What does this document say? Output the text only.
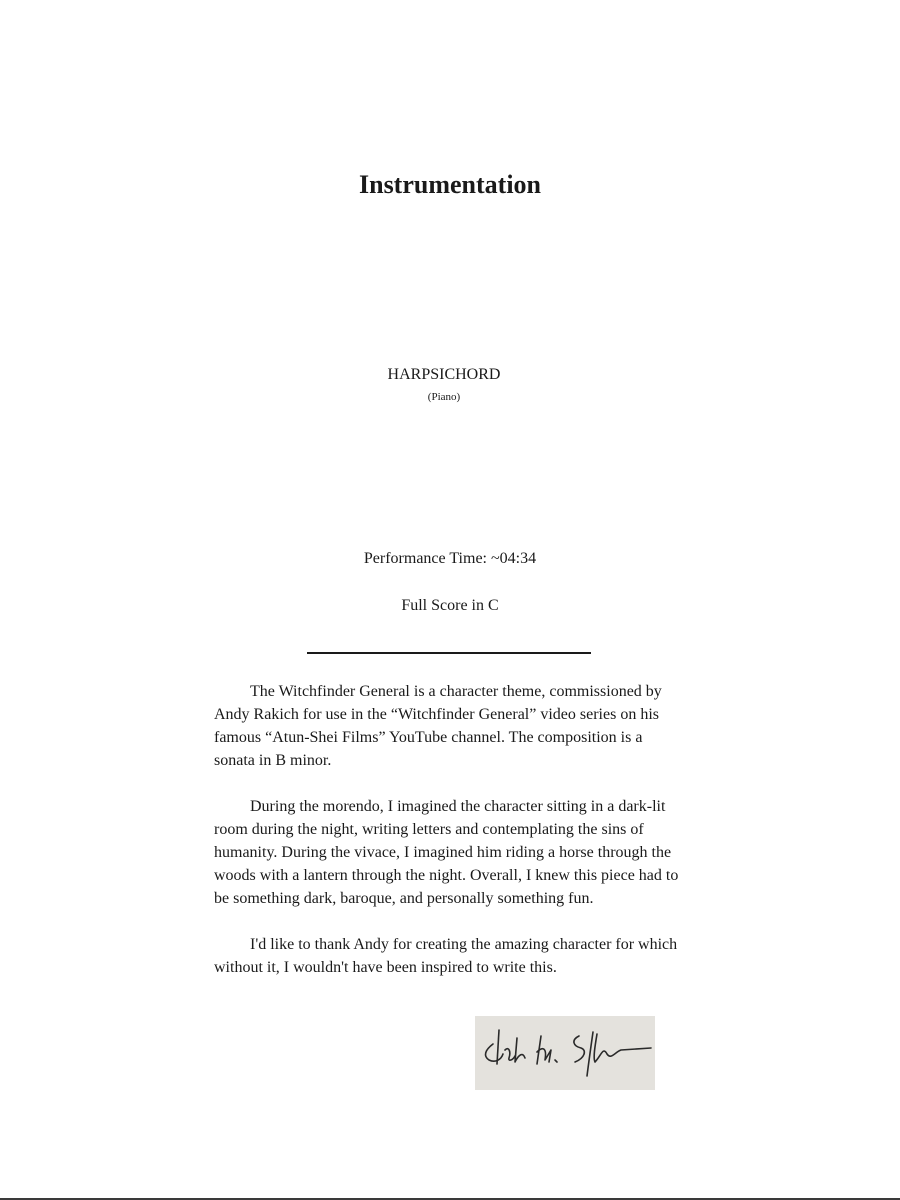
Instrumentation
HARPSICHORD
(Piano)
Performance Time: ~04:34
Full Score in C

The Witchfinder General is a character theme, commissioned by Andy Rakich for use in the “Witchfinder General” video series on his famous “Atun-Shei Films” YouTube channel. The composition is a sonata in B minor.

During the morendo, I imagined the character sitting in a dark-lit room during the night, writing letters and contemplating the sins of humanity. During the vivace, I imagined him riding a horse through the woods with a lantern through the night. Overall, I knew this piece had to be something dark, baroque, and personally something fun.

I'd like to thank Andy for creating the amazing character for which without it, I wouldn't have been inspired to write this.
